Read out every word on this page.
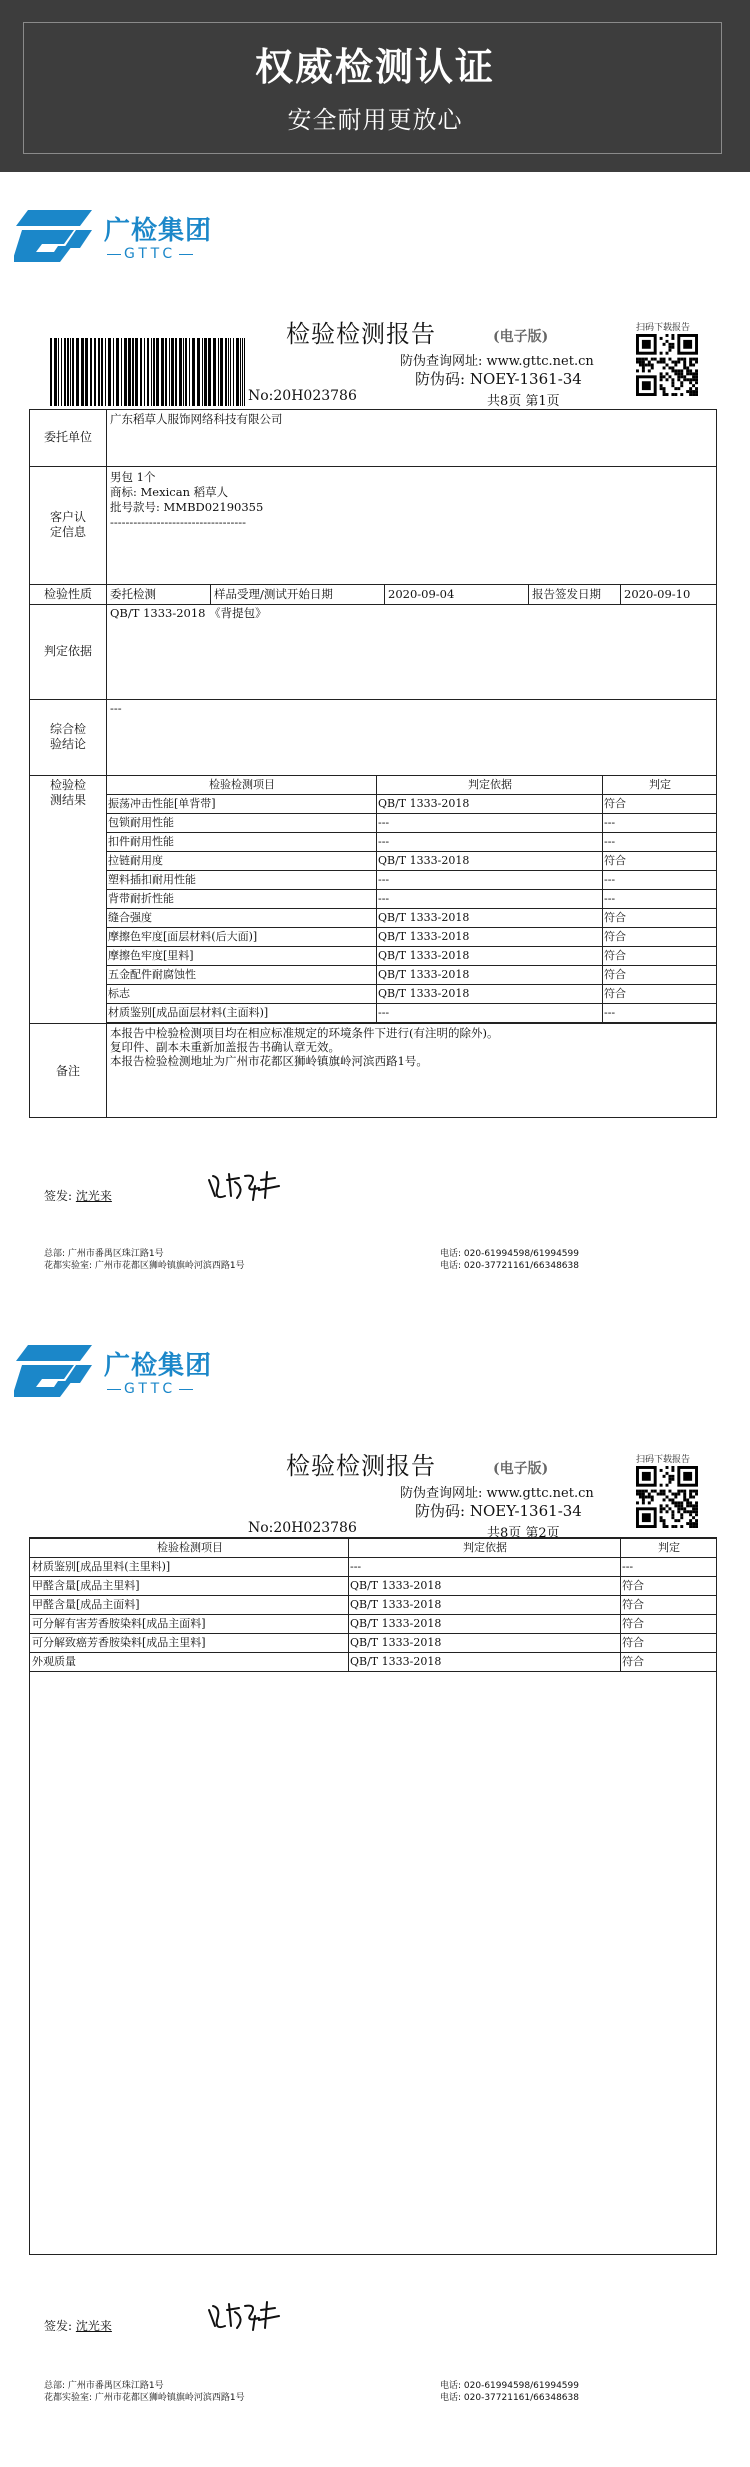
权威检测认证
安全耐用更放心
广检集团
GTTC
检验检测报告	(电子版)
扫码下载报告
防伪查询网址: www.gttc.net.cn
防伪码: NOEY-1361-34
No:20H023786	共8页 第1页
委托单位
广东稻草人服饰网络科技有限公司
客户认定信息
男包 1个
商标: Mexican 稻草人
批号款号: MMBD02190355
-----------------------------------
检验性质	委托检测	样品受理/测试开始日期	2020-09-04	报告签发日期 2020-09-10
判定依据
QB/T 1333-2018 《背提包》
综合检验结论
---
检验检测结果
检验检测项目	判定依据	判定
振荡冲击性能[单背带]	QB/T 1333-2018	符合
包锁耐用性能	---	---
扣件耐用性能	---	---
拉链耐用度	QB/T 1333-2018	符合
塑料插扣耐用性能	---	---
背带耐折性能	---	---
缝合强度	QB/T 1333-2018	符合
摩擦色牢度[面层材料(后大面)]	QB/T 1333-2018	符合
摩擦色牢度[里料]	QB/T 1333-2018	符合
五金配件耐腐蚀性	QB/T 1333-2018	符合
标志	QB/T 1333-2018	符合
材质鉴别[成品面层材料(主面料)]	---	---
备注
本报告中检验检测项目均在相应标准规定的环境条件下进行(有注明的除外)。
复印件、副本未重新加盖报告书确认章无效。
本报告检验检测地址为广州市花都区狮岭镇旗岭河滨西路1号。
签发: 沈光来
总部: 广州市番禺区珠江路1号
花都实验室: 广州市花都区狮岭镇旗岭河滨西路1号
电话: 020-61994598/61994599
电话: 020-37721161/66348638
广检集团
GTTC
检验检测报告	(电子版)
扫码下载报告
防伪查询网址: www.gttc.net.cn
防伪码: NOEY-1361-34
No:20H023786	共8页 第2页
检验检测项目	判定依据	判定
材质鉴别[成品里料(主里料)]	---	---
甲醛含量[成品主里料]	QB/T 1333-2018	符合
甲醛含量[成品主面料]	QB/T 1333-2018	符合
可分解有害芳香胺染料[成品主面料]	QB/T 1333-2018	符合
可分解致癌芳香胺染料[成品主里料]	QB/T 1333-2018	符合
外观质量	QB/T 1333-2018	符合
签发: 沈光来
总部: 广州市番禺区珠江路1号
花都实验室: 广州市花都区狮岭镇旗岭河滨西路1号
电话: 020-61994598/61994599
电话: 020-37721161/66348638
